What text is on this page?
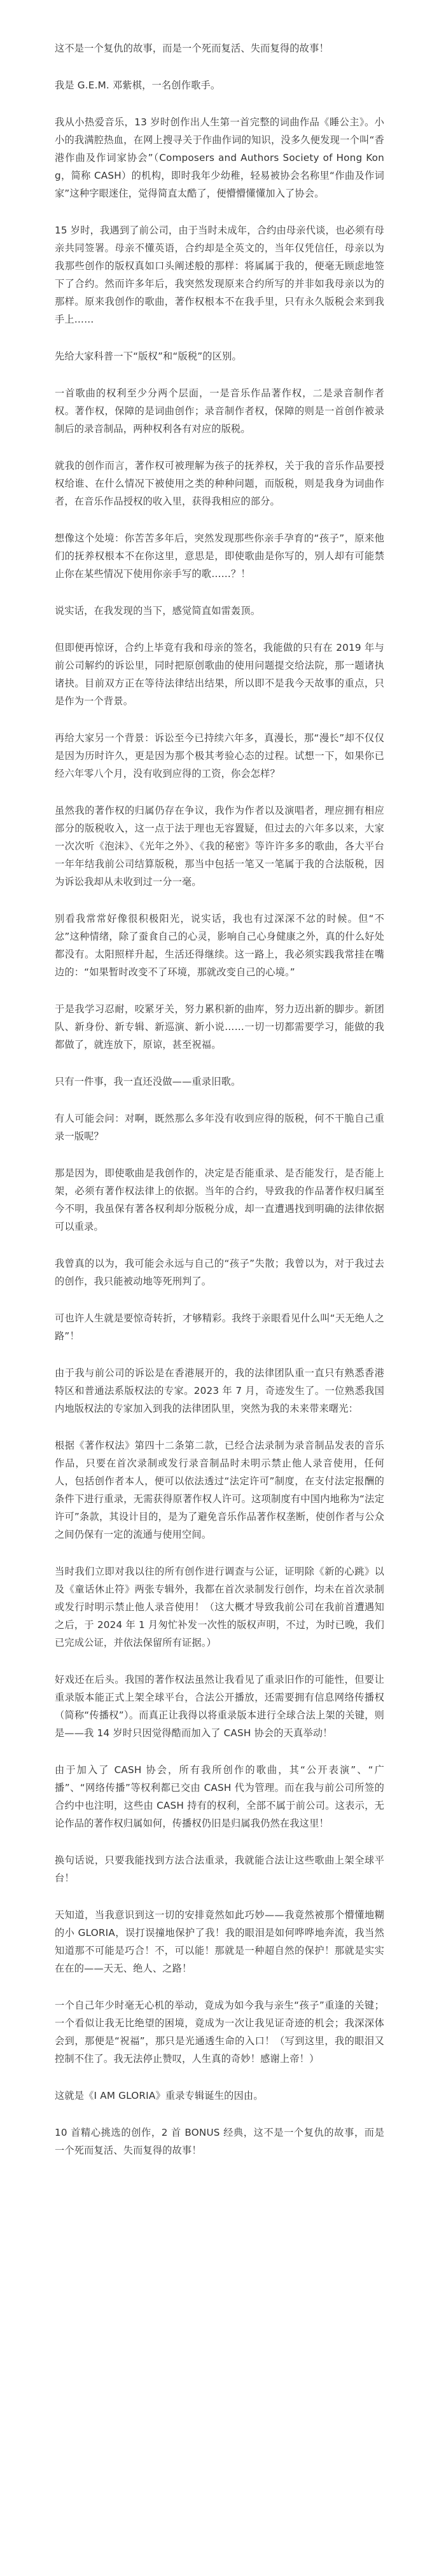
这不是一个复仇的故事，而是一个死而复活、失而复得的故事！

我是 G.E.M. 邓紫棋，一名创作歌手。

我从小热爱音乐，13 岁时创作出人生第一首完整的词曲作品《睡公主》。小小的我满腔热血，在网上搜寻关于作曲作词的知识，没多久便发现一个叫“香港作曲及作词家协会”（Composers and Authors Society of Hong Kong，简称 CASH）的机构，即时我年少幼稚，轻易被协会名称里“作曲及作词家”这种字眼迷住，觉得简直太酷了，便懵懵懂懂加入了协会。

15 岁时，我遇到了前公司，由于当时未成年，合约由母亲代谈，也必须有母亲共同签署。母亲不懂英语，合约却是全英文的，当年仅凭信任，母亲以为我那些创作的版权真如口头阐述般的那样：将属属于我的，便毫无顾虑地签下了合约。然而许多年后，我突然发现原来合约所写的并非如我母亲以为的那样。原来我创作的歌曲，著作权根本不在我手里，只有永久版税会来到我手上……

先给大家科普一下“版权”和“版税”的区别。

一首歌曲的权利至少分两个层面，一是音乐作品著作权，二是录音制作者权。著作权，保障的是词曲创作；录音制作者权，保障的则是一首创作被录制后的录音制品，两种权利各有对应的版税。

就我的创作而言，著作权可被理解为孩子的抚养权，关于我的音乐作品要授权给谁、在什么情况下被使用之类的种种问题，而版税，则是我身为词曲作者，在音乐作品授权的收入里，获得我相应的部分。

想像这个处境：你苦苦多年后，突然发现那些你亲手孕育的“孩子”，原来他们的抚养权根本不在你这里，意思是，即使歌曲是你写的，别人却有可能禁止你在某些情况下使用你亲手写的歌……？！

说实话，在我发现的当下，感觉简直如雷轰顶。

但即便再惊讶，合约上毕竟有我和母亲的签名，我能做的只有在 2019 年与前公司解约的诉讼里，同时把原创歌曲的使用问题提交给法院，那一题诸执诸抉。目前双方正在等待法律结出结果，所以即不是我今天故事的重点，只是作为一个背景。

再给大家另一个背景：诉讼至今已持续六年多，真漫长，那“漫长”却不仅仅是因为历时许久，更是因为那个极其考验心态的过程。试想一下，如果你已经六年零八个月，没有收到应得的工资，你会怎样？

虽然我的著作权的归属仍存在争议，我作为作者以及演唱者，理应拥有相应部分的版税收入，这一点于法于理也无容置疑，但过去的六年多以来，大家一次次听《泡沫》、《光年之外》、《我的秘密》等许许多多的歌曲，各大平台一年年结我前公司结算版税，那当中包括一笔又一笔属于我的合法版税，因为诉讼我却从未收到过一分一毫。

别看我常常好像很积极阳光，说实话，我也有过深深不忿的时候。但“不忿”这种情绪，除了蚕食自己的心灵，影响自己心身健康之外，真的什么好处都没有。太阳照样升起，生活还得继续。这一路上，我必须实践我常挂在嘴边的：“如果暂时改变不了环境，那就改变自己的心境。”

于是我学习忍耐，咬紧牙关，努力累积新的曲库，努力迈出新的脚步。新团队、新身份、新专辑、新巡演、新小说……一切一切都需要学习，能做的我都做了，就连放下，原谅，甚至祝福。

只有一件事，我一直还没做——重录旧歌。

有人可能会问：对啊，既然那么多年没有收到应得的版税，何不干脆自己重录一版呢？

那是因为，即使歌曲是我创作的，决定是否能重录、是否能发行，是否能上架，必须有著作权法律上的依据。当年的合约，导致我的作品著作权归属至今不明，我虽保有著各权利却分版税分成，却一直遭遇找到明确的法律依据可以重录。

我曾真的以为，我可能会永远与自己的“孩子”失散；我曾以为，对于我过去的创作，我只能被动地等死刑判了。

可也许人生就是要惊奇转折，才够精彩。我终于亲眼看见什么叫“天无绝人之路”！

由于我与前公司的诉讼是在香港展开的，我的法律团队重一直只有熟悉香港特区和普通法系版权法的专家。2023 年 7 月，奇迹发生了。一位熟悉我国内地版权法的专家加入到我的法律团队里，突然为我的未来带来曙光：

根据《著作权法》第四十二条第二款，已经合法录制为录音制品发表的音乐作品，只要在首次录制或发行录音制品时未明示禁止他人录音使用，任何人，包括创作者本人，便可以依法透过“法定许可”制度，在支付法定报酬的条件下进行重录，无需获得原著作权人许可。这项制度有中国内地称为“法定许可”条款，其设计目的，是为了避免音乐作品著作权垄断，使创作者与公众之间仍保有一定的流通与使用空间。

当时我们立即对我以往的所有创作进行调查与公证，证明除《新的心跳》以及《童话休止符》两张专辑外，我都在首次录制发行创作，均未在首次录制或发行时明示禁止他人录音使用！（这大概才导致我前公司在我前首遭遇知之后，于 2024 年 1 月匆忙补发一次性的版权声明，不过，为时已晚，我们已完成公证，并依法保留所有证据。）

好戏还在后头。我国的著作权法虽然让我看见了重录旧作的可能性，但要让重录版本能正式上架全球平台，合法公开播放，还需要拥有信息网络传播权（简称“传播权”）。而真正让我得以将重录版本进行全球合法上架的关键，则是——我 14 岁时只因觉得酷而加入了 CASH 协会的天真举动！

由于加入了 CASH 协会，所有我所创作的歌曲，其“公开表演”、“广播”、“网络传播”等权利都已交由 CASH 代为管理。而在我与前公司所签的合约中也注明，这些由 CASH 持有的权利，全部不属于前公司。这表示，无论作品的著作权归属如何，传播权仍旧是归属我仍然在我这里！

换句话说，只要我能找到方法合法重录，我就能合法让这些歌曲上架全球平台！

天知道，当我意识到这一切的安排竟然如此巧妙——我竟然被那个懵懂地糊的小 GLORIA，误打误撞地保护了我！我的眼泪是如何哗哗地奔流，我当然知道那不可能是巧合！不，可以能！那就是一种超自然的保护！那就是实实在在的——天无、绝人、之路！

一个自己年少时毫无心机的举动，竟成为如今我与亲生“孩子”重逢的关键；一个看似让我无比绝望的困境，竟成为一次让我见证奇迹的机会；我深深体会到，那便是“祝福”，那只是光通透生命的入口！（写到这里，我的眼泪又控制不住了。我无法停止赞叹，人生真的奇妙！感谢上帝！）

这就是《I AM GLORIA》重录专辑诞生的因由。

10 首精心挑选的创作，2 首 BONUS 经典，这不是一个复仇的故事，而是一个死而复活、失而复得的故事！
